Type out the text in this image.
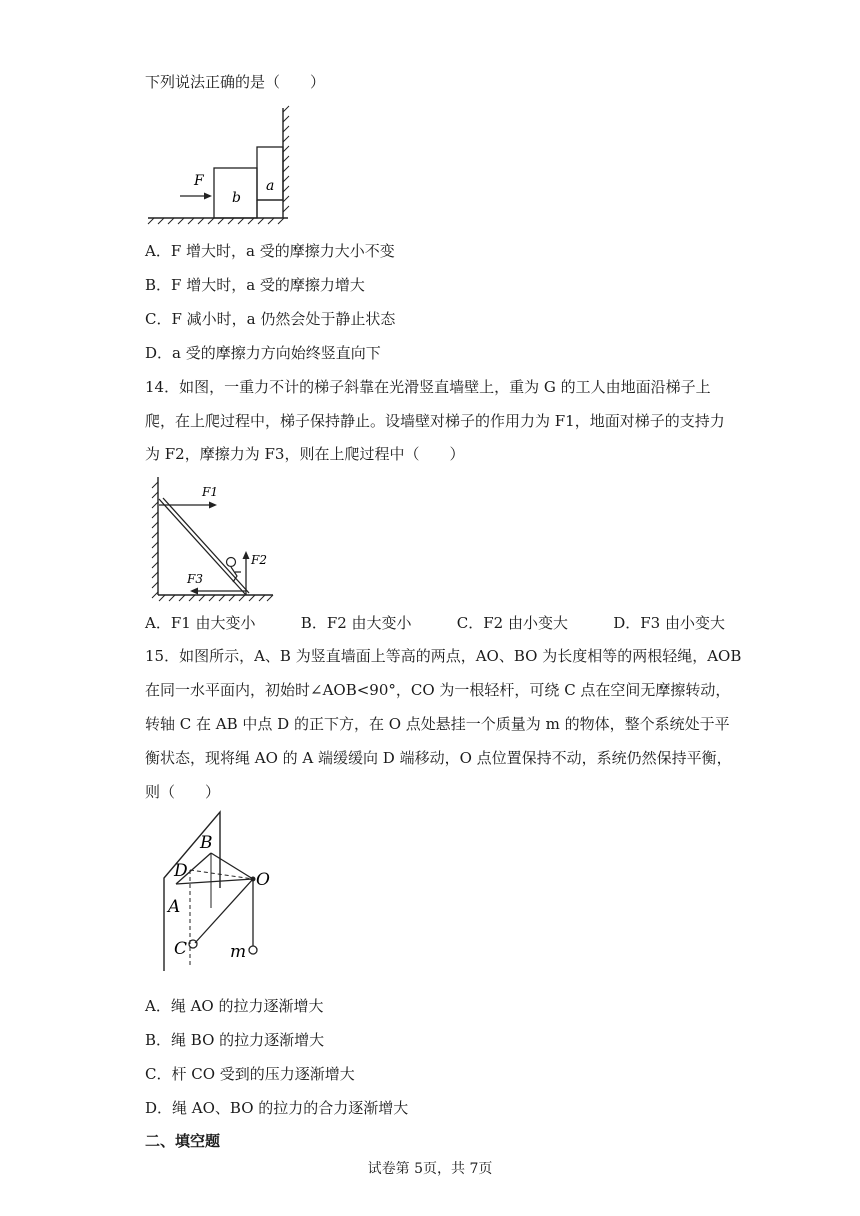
下列说法正确的是（　　）
F
b
a
A．F 增大时，a 受的摩擦力大小不变
B．F 增大时，a 受的摩擦力增大
C．F 减小时，a 仍然会处于静止状态
D．a 受的摩擦力方向始终竖直向下
14．如图，一重力不计的梯子斜靠在光滑竖直墙壁上，重为 G 的工人由地面沿梯子上
爬，在上爬过程中，梯子保持静止。设墙壁对梯子的作用力为 F1，地面对梯子的支持力
为 F2，摩擦力为 F3，则在上爬过程中（　　）
F1
F2
F3
A．F1 由大变小	B．F2 由大变小	C．F2 由小变大	D．F3 由小变大
15．如图所示，A、B 为竖直墙面上等高的两点，AO、BO 为长度相等的两根轻绳，AOB
在同一水平面内，初始时∠AOB<90°，CO 为一根轻杆，可绕 C 点在空间无摩擦转动，
转轴 C 在 AB 中点 D 的正下方，在 O 点处悬挂一个质量为 m 的物体，整个系统处于平
衡状态，现将绳 AO 的 A 端缓缓向 D 端移动，O 点位置保持不动，系统仍然保持平衡，
则（　　）
B
D
A
O
C	m
A．绳 AO 的拉力逐渐增大
B．绳 BO 的拉力逐渐增大
C．杆 CO 受到的压力逐渐增大
D．绳 AO、BO 的拉力的合力逐渐增大
二、填空题
试卷第 5页，共 7页
